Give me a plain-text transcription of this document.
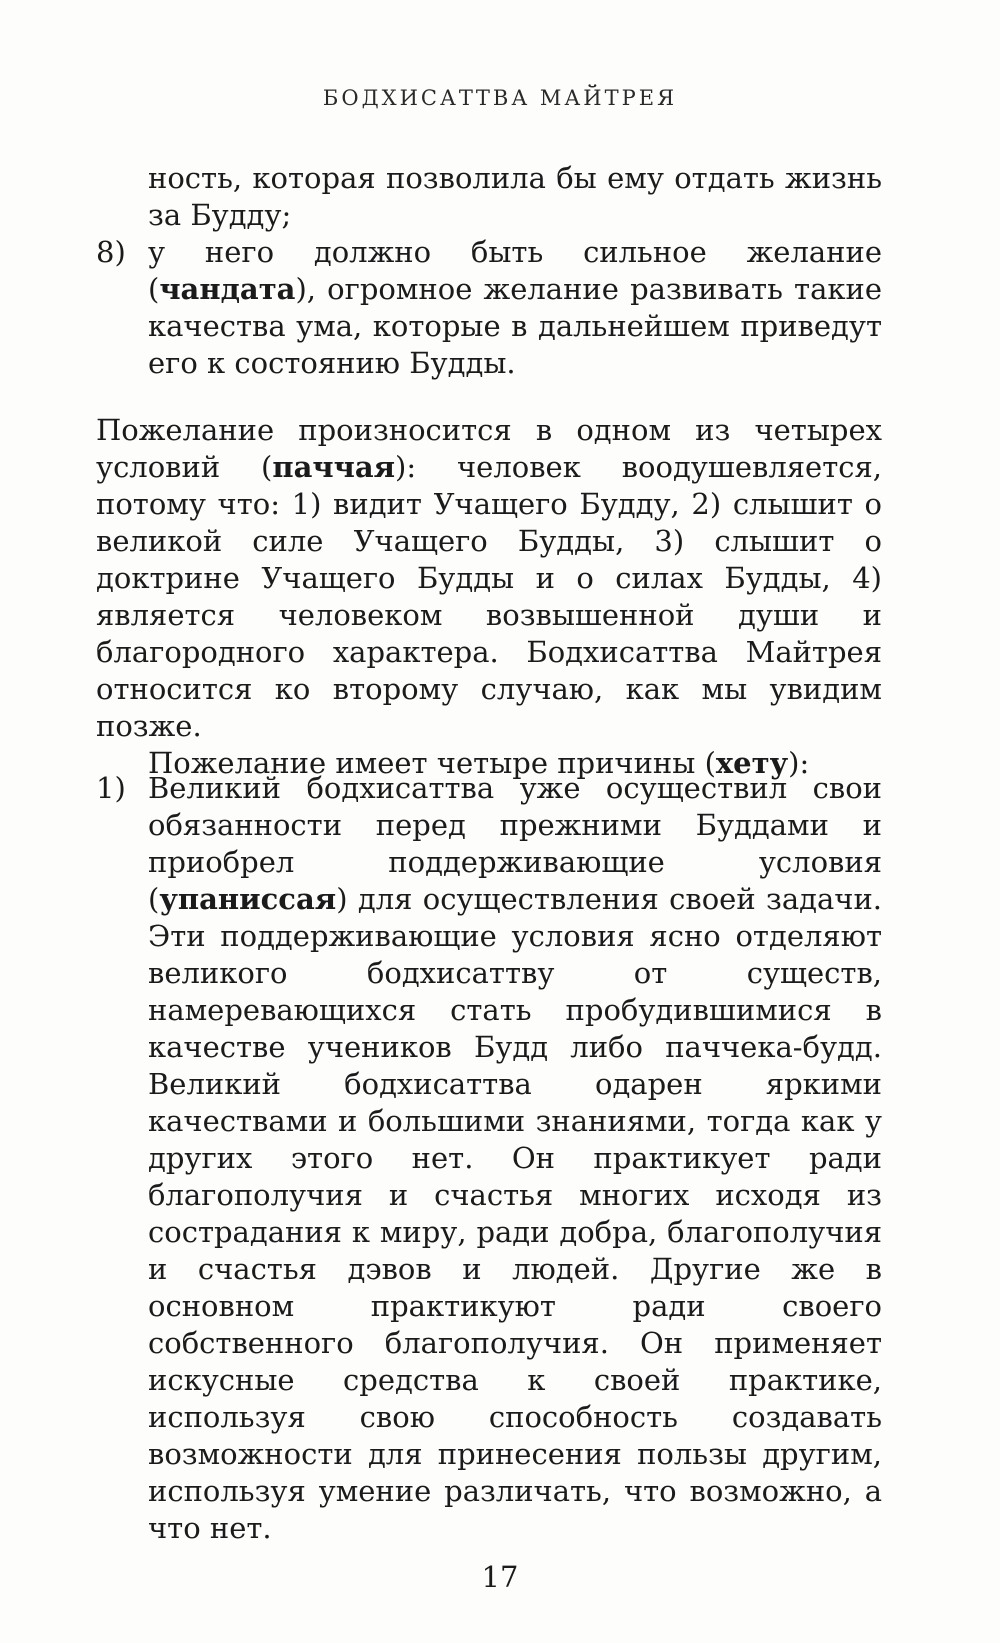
БОДХИСАТТВА МАЙТРЕЯ
ность, которая позволила бы ему отдать жизнь за Будду;
8) у него должно быть сильное желание (чандата), огромное желание развивать такие качества ума, которые в дальнейшем приведут его к состоянию Будды.
Пожелание произносится в одном из четырех условий (паччая): человек воодушевляется, потому что: 1) видит Учащего Будду, 2) слышит о великой силе Учащего Будды, 3) слышит о доктрине Учащего Будды и о силах Будды, 4) является человеком возвышенной души и благородного характера. Бодхисаттва Майтрея относится ко второму случаю, как мы увидим позже.
Пожелание имеет четыре причины (хету):
1) Великий бодхисаттва уже осуществил свои обязанности перед прежними Буддами и приобрел поддерживающие условия (упаниссая) для осуществления своей задачи. Эти поддерживающие условия ясно отделяют великого бодхисаттву от существ, намеревающихся стать пробудившимися в качестве учеников Будд либо паччека-будд. Великий бодхисаттва одарен яркими качествами и большими знаниями, тогда как у других этого нет. Он практикует ради благополучия и счастья многих исходя из сострадания к миру, ради добра, благополучия и счастья дэвов и людей. Другие же в основном практикуют ради своего собственного благополучия. Он применяет искусные средства к своей практике, используя свою способность создавать возможности для принесения пользы другим, используя умение различать, что возможно, а что нет.
17
